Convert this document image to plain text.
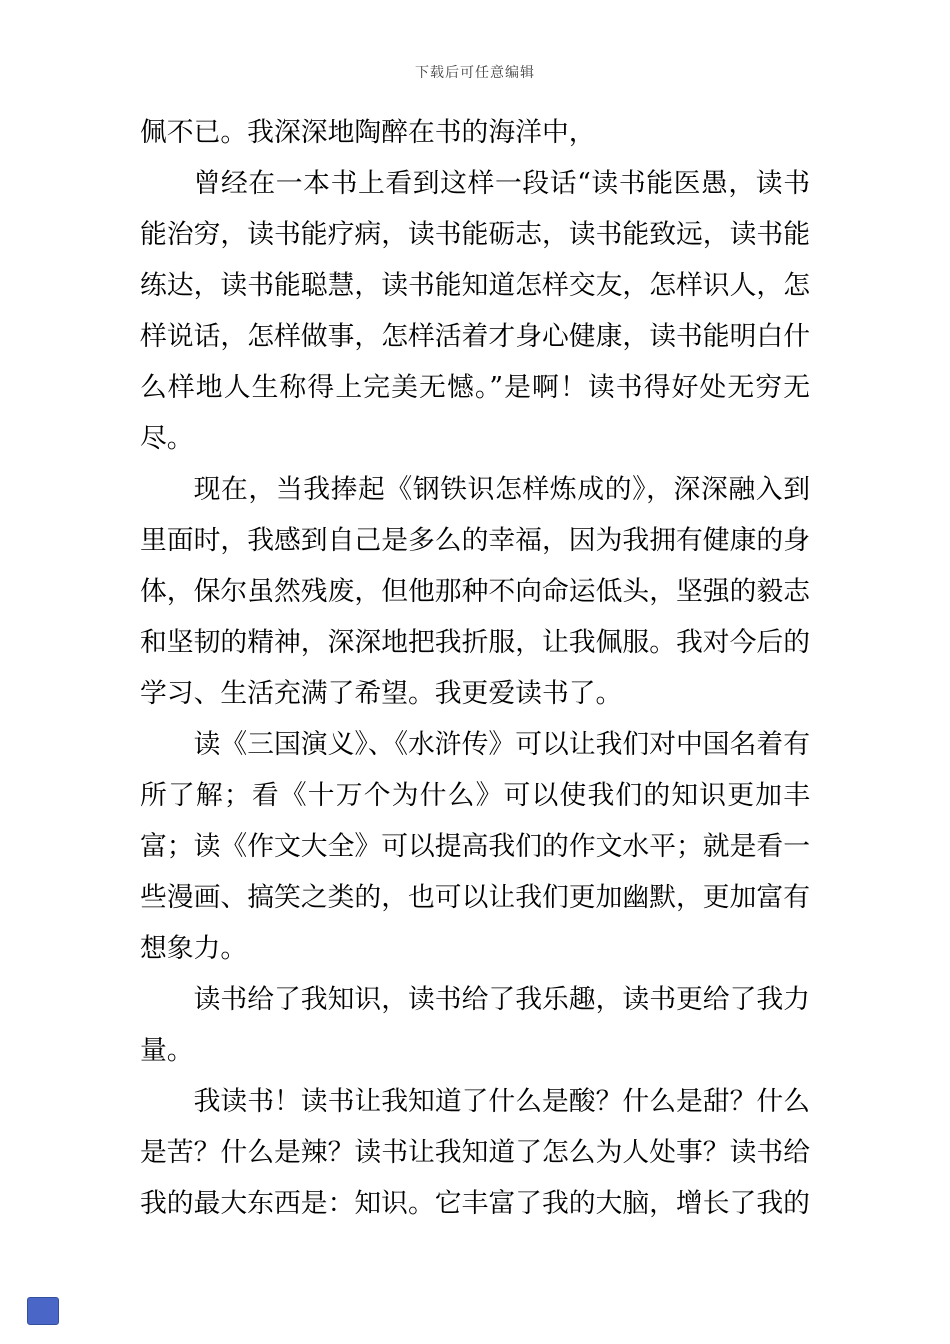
下载后可任意编辑

佩不已。我深深地陶醉在书的海洋中，

曾经在一本书上看到这样一段话“读书能医愚，读书能治穷，读书能疗病，读书能砺志，读书能致远，读书能练达，读书能聪慧，读书能知道怎样交友，怎样识人，怎样说话，怎样做事，怎样活着才身心健康，读书能明白什么样地人生称得上完美无憾。”是啊！读书得好处无穷无尽。

现在，当我捧起《钢铁识怎样炼成的》，深深融入到里面时，我感到自己是多么的幸福，因为我拥有健康的身体，保尔虽然残废，但他那种不向命运低头，坚强的毅志和坚韧的精神，深深地把我折服，让我佩服。我对今后的学习、生活充满了希望。我更爱读书了。

读《三国演义》、《水浒传》可以让我们对中国名着有所了解；看《十万个为什么》可以使我们的知识更加丰富；读《作文大全》可以提高我们的作文水平；就是看一些漫画、搞笑之类的，也可以让我们更加幽默，更加富有想象力。

读书给了我知识，读书给了我乐趣，读书更给了我力量。

我读书！读书让我知道了什么是酸？什么是甜？什么是苦？什么是辣？读书让我知道了怎么为人处事？读书给我的最大东西是：知识。它丰富了我的大脑，增长了我的
